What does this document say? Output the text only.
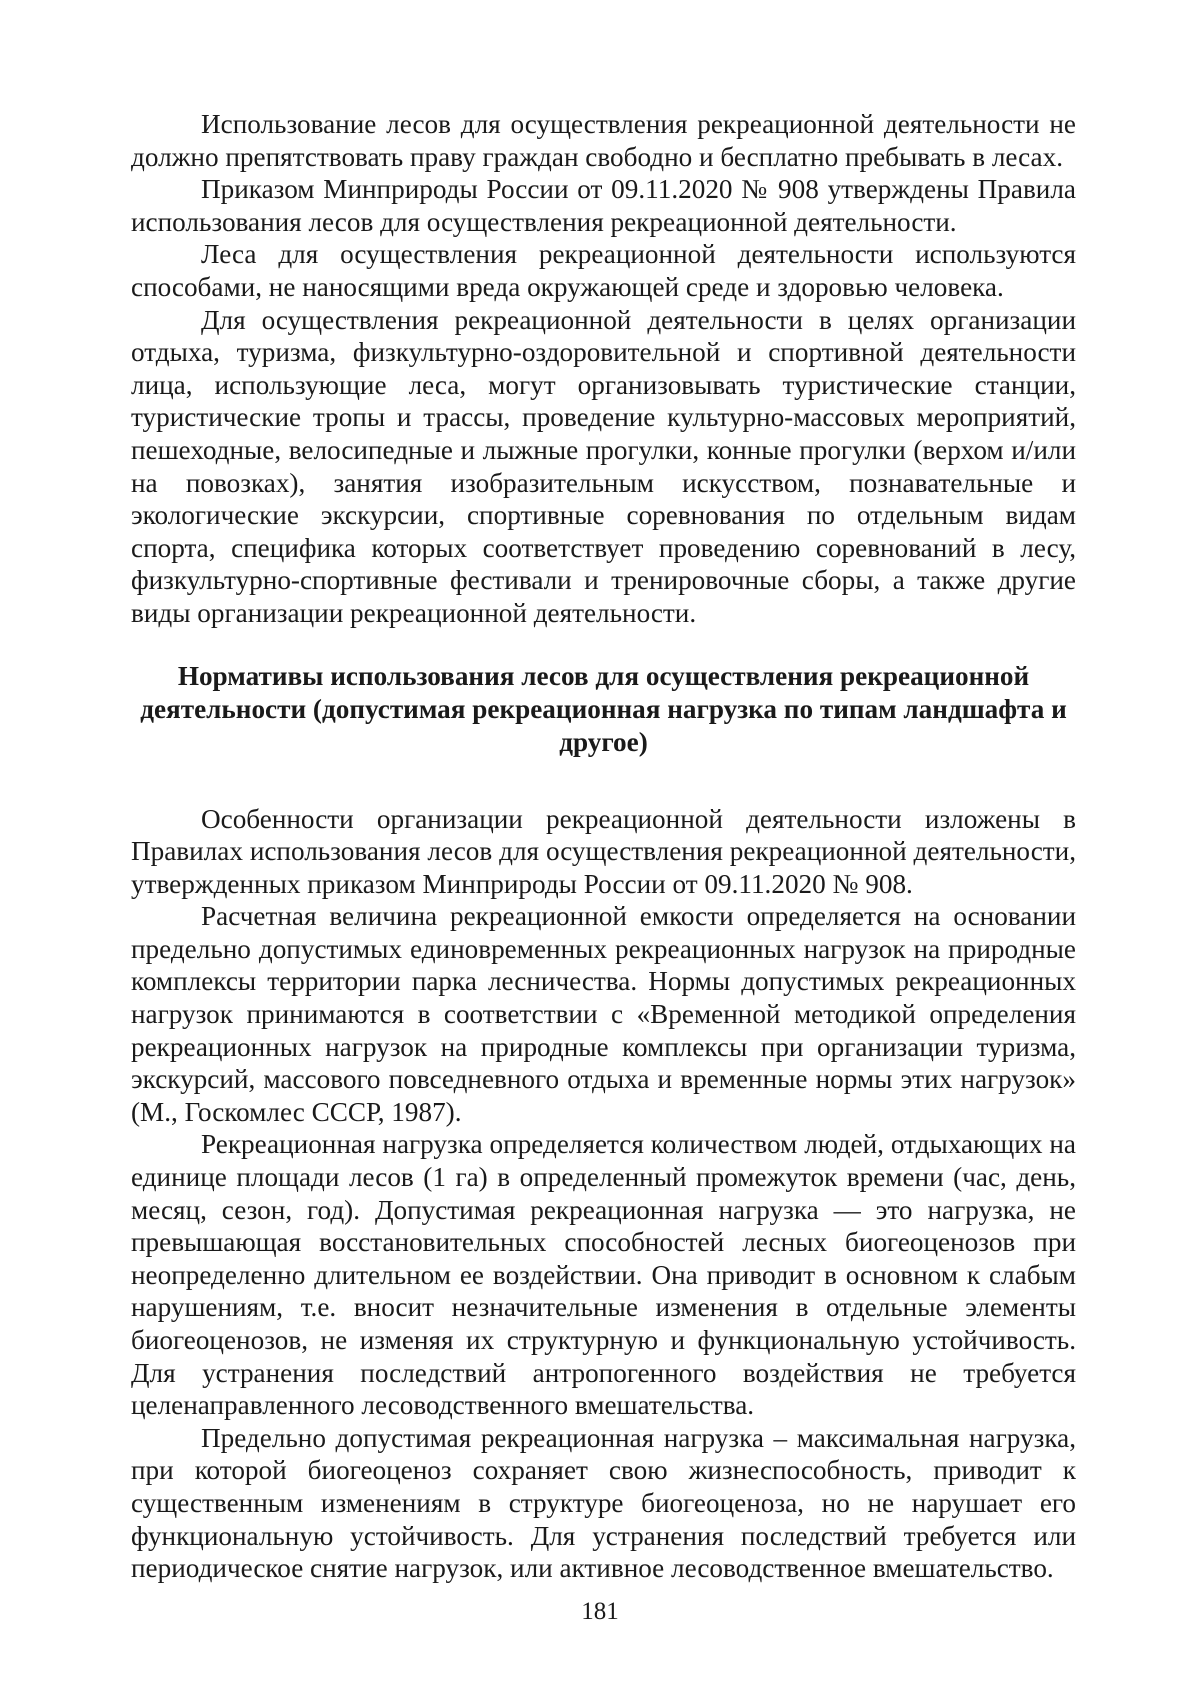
Использование лесов для осуществления рекреационной деятельности не должно препятствовать праву граждан свободно и бесплатно пребывать в лесах.

Приказом Минприроды России от 09.11.2020 № 908 утверждены Правила использования лесов для осуществления рекреационной деятельности.

Леса для осуществления рекреационной деятельности используются способами, не наносящими вреда окружающей среде и здоровью человека.

Для осуществления рекреационной деятельности в целях организации отдыха, туризма, физкультурно-оздоровительной и спортивной деятельности лица, использующие леса, могут организовывать туристические станции, туристические тропы и трассы, проведение культурно-массовых мероприятий, пешеходные, велосипедные и лыжные прогулки, конные прогулки (верхом и/или на повозках), занятия изобразительным искусством, познавательные и экологические экскурсии, спортивные соревнования по отдельным видам спорта, специфика которых соответствует проведению соревнований в лесу, физкультурно-спортивные фестивали и тренировочные сборы, а также другие виды организации рекреационной деятельности.

Нормативы использования лесов для осуществления рекреационной деятельности (допустимая рекреационная нагрузка по типам ландшафта и другое)

Особенности организации рекреационной деятельности изложены в Правилах использования лесов для осуществления рекреационной деятельности, утвержденных приказом Минприроды России от 09.11.2020 № 908.

Расчетная величина рекреационной емкости определяется на основании предельно допустимых единовременных рекреационных нагрузок на природные комплексы территории парка лесничества. Нормы допустимых рекреационных нагрузок принимаются в соответствии с «Временной методикой определения рекреационных нагрузок на природные комплексы при организации туризма, экскурсий, массового повседневного отдыха и временные нормы этих нагрузок» (М., Госкомлес СССР, 1987).

Рекреационная нагрузка определяется количеством людей, отдыхающих на единице площади лесов (1 га) в определенный промежуток времени (час, день, месяц, сезон, год). Допустимая рекреационная нагрузка — это нагрузка, не превышающая восстановительных способностей лесных биогеоценозов при неопределенно длительном ее воздействии. Она приводит в основном к слабым нарушениям, т.е. вносит незначительные изменения в отдельные элементы биогеоценозов, не изменяя их структурную и функциональную устойчивость. Для устранения последствий антропогенного воздействия не требуется целенаправленного лесоводственного вмешательства.

Предельно допустимая рекреационная нагрузка – максимальная нагрузка, при которой биогеоценоз сохраняет свою жизнеспособность, приводит к существенным изменениям в структуре биогеоценоза, но не нарушает его функциональную устойчивость. Для устранения последствий требуется или периодическое снятие нагрузок, или активное лесоводственное вмешательство.

181
